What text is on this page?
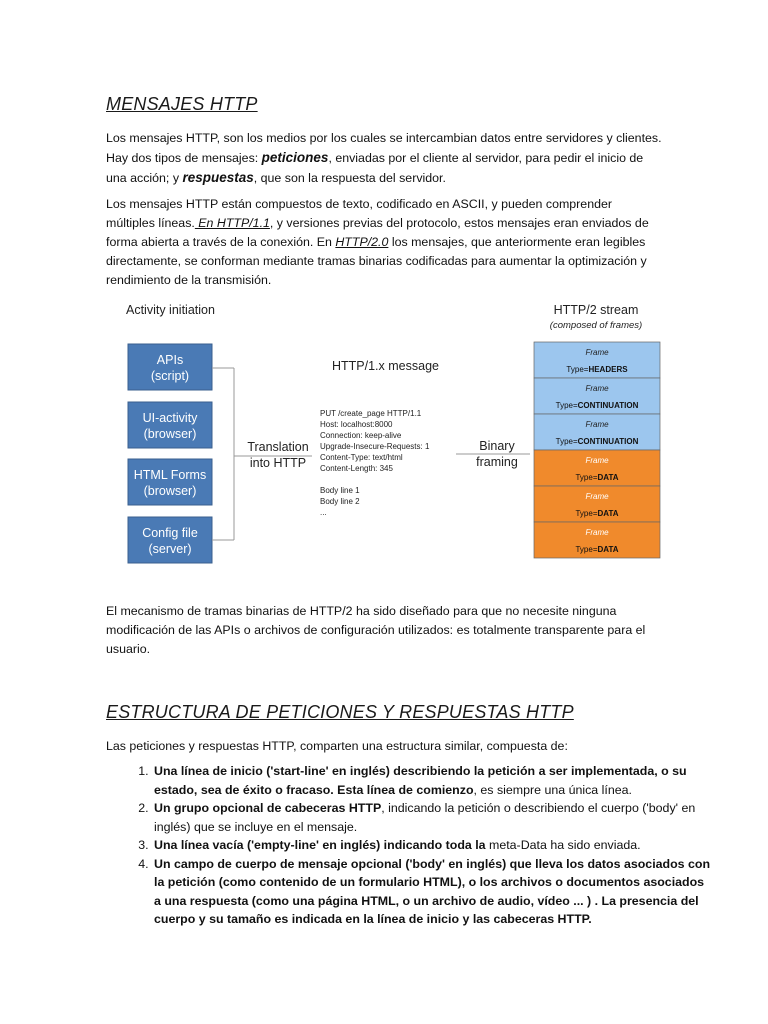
MENSAJES HTTP
Los mensajes HTTP, son los medios por los cuales se intercambian datos entre servidores y clientes. Hay dos tipos de mensajes: peticiones, enviadas por el cliente al servidor, para pedir el inicio de una acción; y respuestas, que son la respuesta del servidor.
Los mensajes HTTP están compuestos de texto, codificado en ASCII, y pueden comprender múltiples líneas. En HTTP/1.1, y versiones previas del protocolo, estos mensajes eran enviados de forma abierta a través de la conexión. En HTTP/2.0 los mensajes, que anteriormente eran legibles directamente, se conforman mediante tramas binarias codificadas para aumentar la optimización y rendimiento de la transmisión.
Activity initiation
APIs
(script)
UI-activity
(browser)
HTML Forms
(browser)
Config file
(server)
Translation
into HTTP
HTTP/1.x message
PUT /create_page HTTP/1.1
Host: localhost:8000
Connection: keep-alive
Upgrade-Insecure-Requests: 1
Content-Type: text/html
Content-Length: 345
Body line 1
Body line 2
...
Binary
framing
HTTP/2 stream
(composed of frames)
Frame
Type=HEADERS
Frame
Type=CONTINUATION
Frame
Type=CONTINUATION
Frame
Type=DATA
Frame
Type=DATA
Frame
Type=DATA
El mecanismo de tramas binarias de HTTP/2 ha sido diseñado para que no necesite ninguna modificación de las APIs o archivos de configuración utilizados: es totalmente transparente para el usuario.
ESTRUCTURA DE PETICIONES Y RESPUESTAS HTTP
Las peticiones y respuestas HTTP, comparten una estructura similar, compuesta de:
1. Una línea de inicio ('start-line' en inglés) describiendo la petición a ser implementada, o su estado, sea de éxito o fracaso. Esta línea de comienzo, es siempre una única línea.
2. Un grupo opcional de cabeceras HTTP, indicando la petición o describiendo el cuerpo ('body' en inglés) que se incluye en el mensaje.
3. Una línea vacía ('empty-line' en inglés) indicando toda la meta-Data ha sido enviada.
4. Un campo de cuerpo de mensaje opcional ('body' en inglés) que lleva los datos asociados con la petición (como contenido de un formulario HTML), o los archivos o documentos asociados a una respuesta (como una página HTML, o un archivo de audio, vídeo ... ) . La presencia del cuerpo y su tamaño es indicada en la línea de inicio y las cabeceras HTTP.
